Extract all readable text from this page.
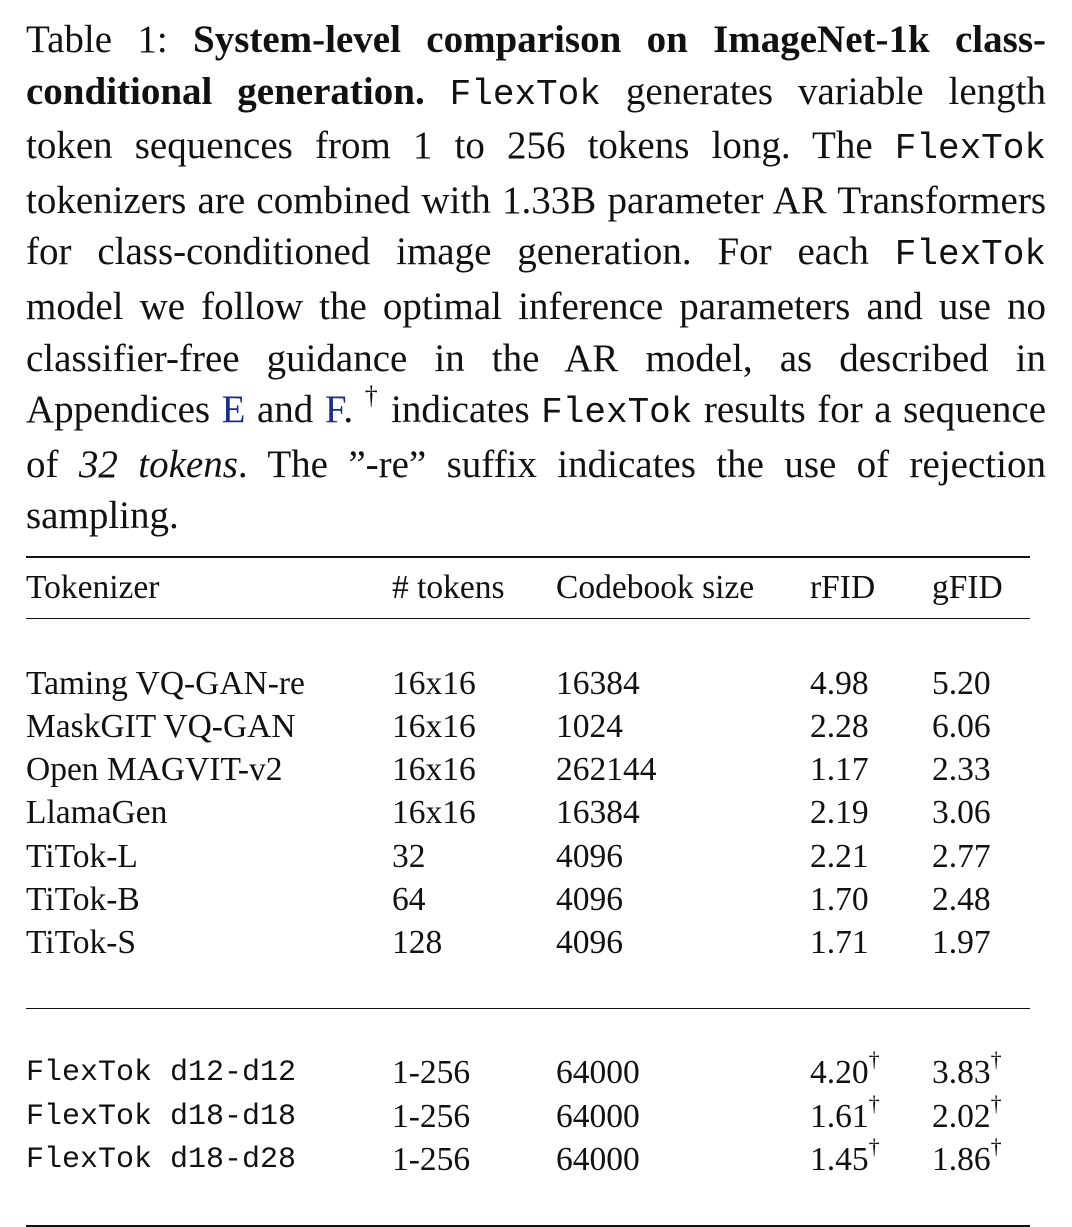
Table 1: System-level comparison on ImageNet-1k class-conditional generation. FlexTok generates variable length token sequences from 1 to 256 tokens long. The FlexTok tokenizers are combined with 1.33B parameter AR Transformers for class-conditioned image generation. For each FlexTok model we follow the optimal inference parameters and use no classifier-free guidance in the AR model, as described in Appendices E and F. † indicates FlexTok results for a sequence of 32 tokens. The ”-re” suffix indicates the use of rejection sampling.
Tokenizer	# tokens	Codebook size	rFID	gFID

Taming VQ-GAN-re	16x16	16384	4.98	5.20
MaskGIT VQ-GAN	16x16	1024	2.28	6.06
Open MAGVIT-v2	16x16	262144	1.17	2.33
LlamaGen	16x16	16384	2.19	3.06
TiTok-L	32	4096	2.21	2.77
TiTok-B	64	4096	1.70	2.48
TiTok-S	128	4096	1.71	1.97

FlexTok d12-d12	1-256	64000	4.20†	3.83†
FlexTok d18-d18	1-256	64000	1.61†	2.02†
FlexTok d18-d28	1-256	64000	1.45†	1.86†
